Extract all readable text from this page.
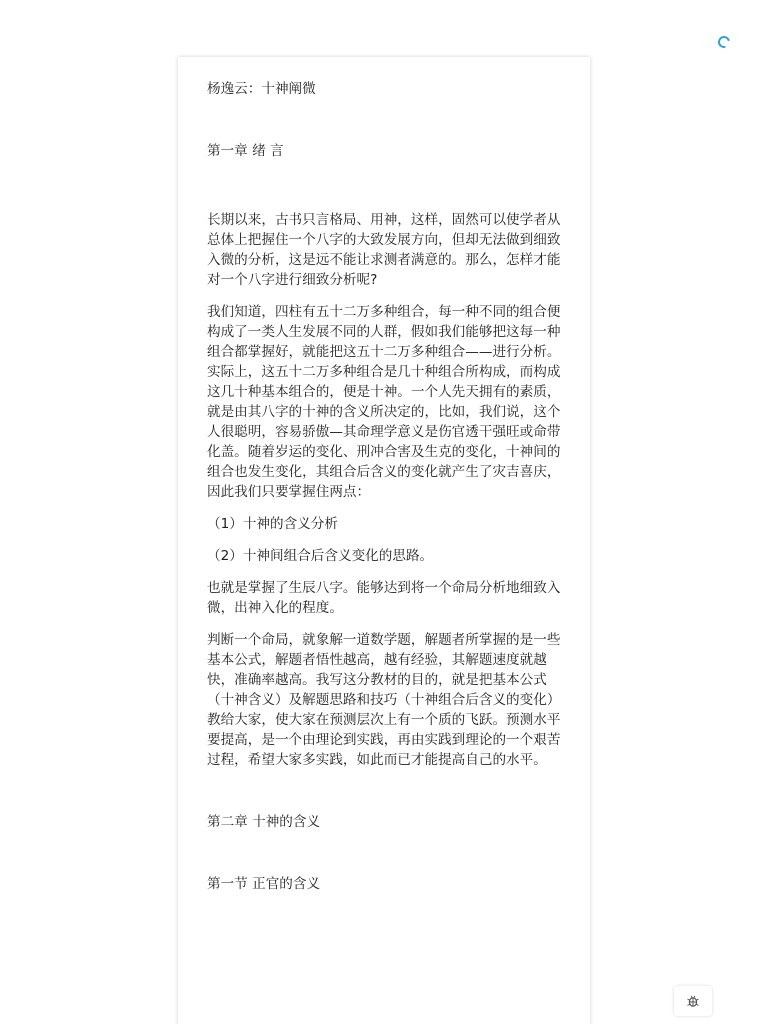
杨逸云：十神阐微

第一章 绪 言

长期以来，古书只言格局、用神，这样，固然可以使学者从总体上把握住一个八字的大致发展方向，但却无法做到细致入微的分析，这是远不能让求测者满意的。那么，怎样才能对一个八字进行细致分析呢?

我们知道，四柱有五十二万多种组合，每一种不同的组合便构成了一类人生发展不同的人群，假如我们能够把这每一种组合都掌握好，就能把这五十二万多种组合——进行分析。实际上，这五十二万多种组合是几十种组合所构成，而构成这几十种基本组合的，便是十神。一个人先天拥有的素质，就是由其八字的十神的含义所决定的，比如，我们说，这个人很聪明，容易骄傲—其命理学意义是伤官透干强旺或命带化盖。随着岁运的变化、刑冲合害及生克的变化，十神间的组合也发生变化，其组合后含义的变化就产生了灾吉喜庆，因此我们只要掌握住两点：

（1）十神的含义分析

（2）十神间组合后含义变化的思路。

也就是掌握了生辰八字。能够达到将一个命局分析地细致入微，出神入化的程度。

判断一个命局，就象解一道数学题，解题者所掌握的是一些基本公式，解题者悟性越高，越有经验，其解题速度就越快，准确率越高。我写这分教材的目的，就是把基本公式（十神含义）及解题思路和技巧（十神组合后含义的变化）教给大家，使大家在预测层次上有一个质的飞跃。预测水平要提高，是一个由理论到实践，再由实践到理论的一个艰苦过程，希望大家多实践，如此而已才能提高自己的水平。

第二章 十神的含义

第一节 正官的含义
